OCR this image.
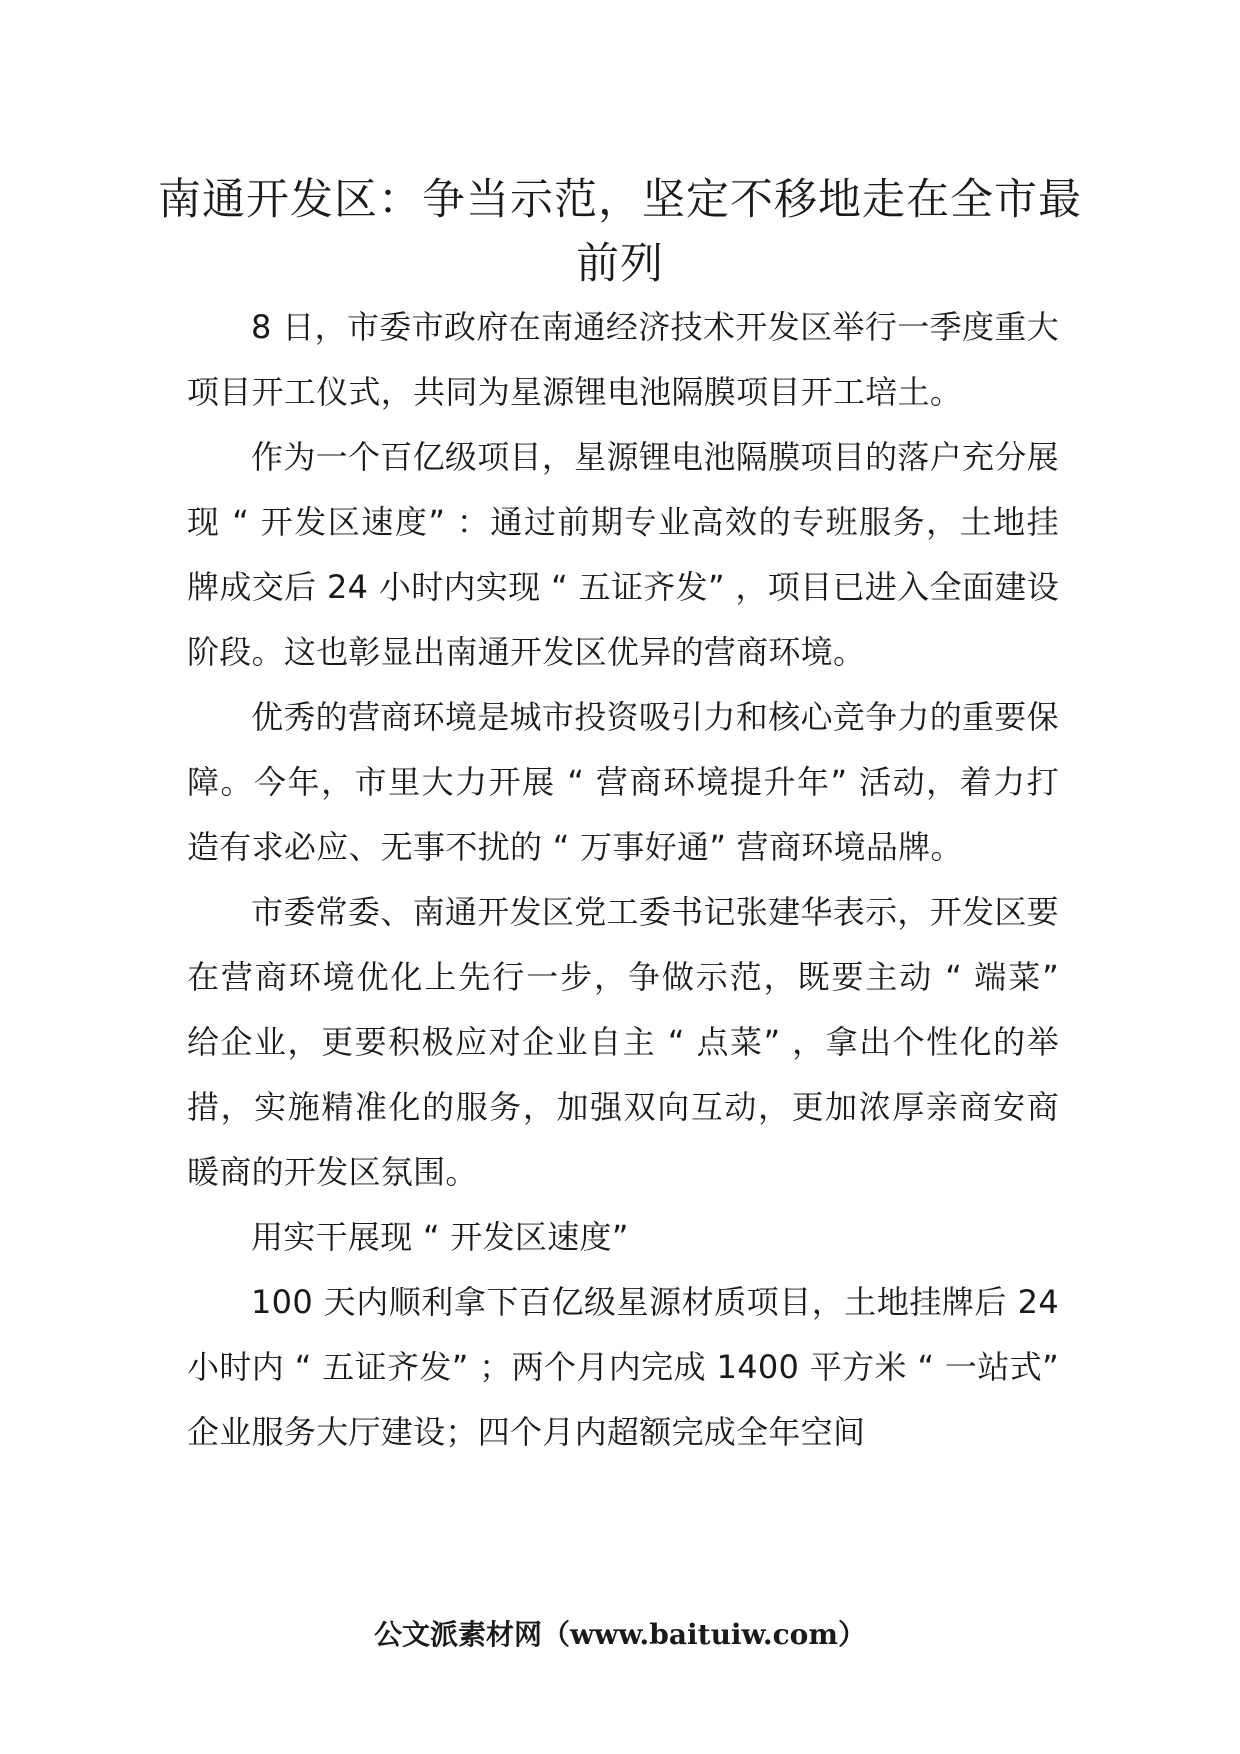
南通开发区：争当示范，坚定不移地走在全市最前列

8 日，市委市政府在南通经济技术开发区举行一季度重大项目开工仪式，共同为星源锂电池隔膜项目开工培土。

作为一个百亿级项目，星源锂电池隔膜项目的落户充分展现 “ 开发区速度” ：通过前期专业高效的专班服务，土地挂牌成交后 24 小时内实现 “ 五证齐发” ，项目已进入全面建设阶段。这也彰显出南通开发区优异的营商环境。

优秀的营商环境是城市投资吸引力和核心竞争力的重要保障。今年，市里大力开展 “ 营商环境提升年” 活动，着力打造有求必应、无事不扰的 “ 万事好通” 营商环境品牌。

市委常委、南通开发区党工委书记张建华表示，开发区要在营商环境优化上先行一步，争做示范，既要主动 “ 端菜” 给企业，更要积极应对企业自主 “ 点菜” ，拿出个性化的举措，实施精准化的服务，加强双向互动，更加浓厚亲商安商暖商的开发区氛围。

用实干展现 “ 开发区速度”

100 天内顺利拿下百亿级星源材质项目，土地挂牌后 24 小时内 “ 五证齐发” ；两个月内完成 1400 平方米 “ 一站式” 企业服务大厅建设；四个月内超额完成全年空间

公文派素材网（www.baituiw.com）
